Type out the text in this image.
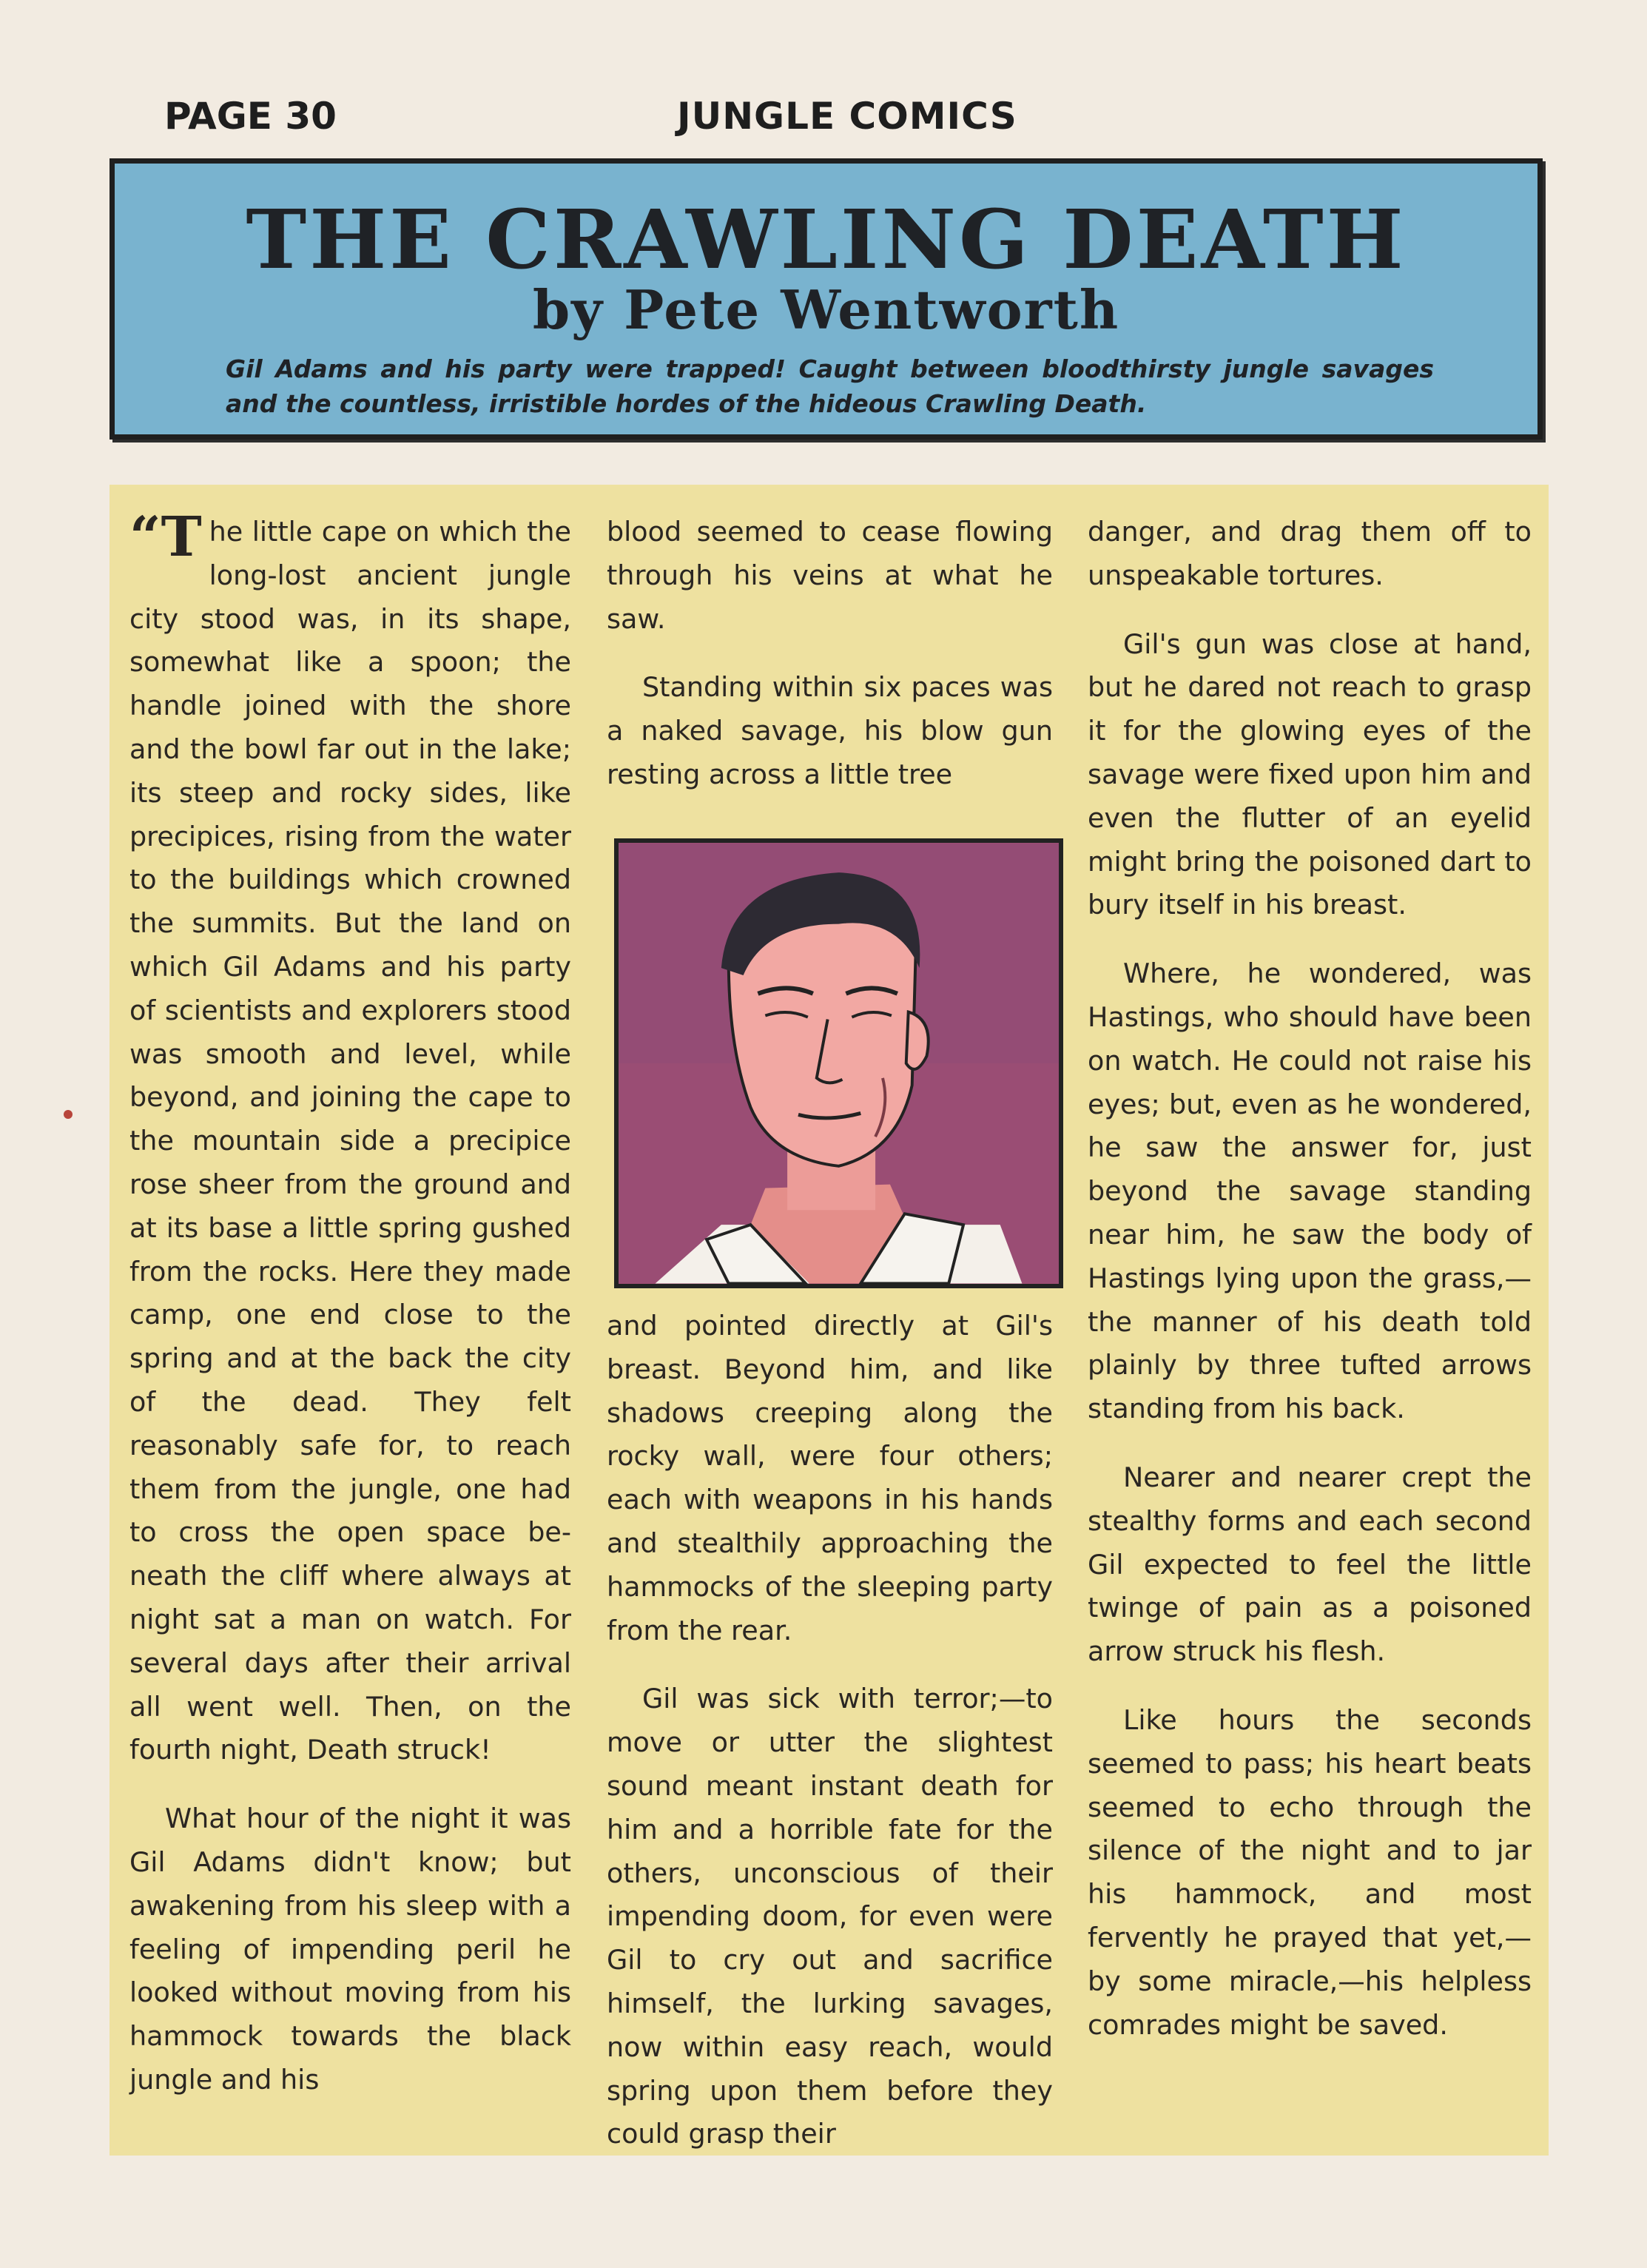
PAGE 30	JUNGLE COMICS
THE CRAWLING DEATH
by Pete Wentworth
Gil Adams and his party were trapped! Caught between bloodthirsty jungle savages and the countless, irristible hordes of the hideous Crawling Death.

“T he little cape on which the long-lost ancient jungle city stood was, in its shape, somewhat like a spoon; the handle joined with the shore and the bowl far out in the lake; its steep and rocky sides, like precipices, rising from the water to the buildings which crowned the summits. But the land on which Gil Adams and his party of scientists and explorers stood was smooth and level, while beyond, and joining the cape to the mountain side a precipice rose sheer from the ground and at its base a little spring gushed from the rocks. Here they made camp, one end close to the spring and at the back the city of the dead. They felt reasonably safe for, to reach them from the jungle, one had to cross the open space beneath the cliff where always at night sat a man on watch. For several days after their arrival all went well. Then, on the fourth night, Death struck!

What hour of the night it was Gil Adams didn't know; but awakening from his sleep with a feeling of impending peril he looked without moving from his hammock towards the black jungle and his

blood seemed to cease flowing through his veins at what he saw.

Standing within six paces was a naked savage, his blow gun resting across a little tree

and pointed directly at Gil's breast. Beyond him, and like shadows creeping along the rocky wall, were four others; each with weapons in his hands and stealthily approaching the hammocks of the sleeping party from the rear.

Gil was sick with terror;—to move or utter the slightest sound meant instant death for him and a horrible fate for the others, unconscious of their impending doom, for even were Gil to cry out and sacrifice himself, the lurking savages, now within easy reach, would spring upon them before they could grasp their

danger, and drag them off to unspeakable tortures.

Gil's gun was close at hand, but he dared not reach to grasp it for the glowing eyes of the savage were fixed upon him and even the flutter of an eyelid might bring the poisoned dart to bury itself in his breast.

Where, he wondered, was Hastings, who should have been on watch. He could not raise his eyes; but, even as he wondered, he saw the answer for, just beyond the savage standing near him, he saw the body of Hastings lying upon the grass,—the manner of his death told plainly by three tufted arrows standing from his back.

Nearer and nearer crept the stealthy forms and each second Gil expected to feel the little twinge of pain as a poisoned arrow struck his flesh.

Like hours the seconds seemed to pass; his heart beats seemed to echo through the silence of the night and to jar his hammock, and most fervently he prayed that yet,—by some miracle,—his helpless comrades might be saved.
